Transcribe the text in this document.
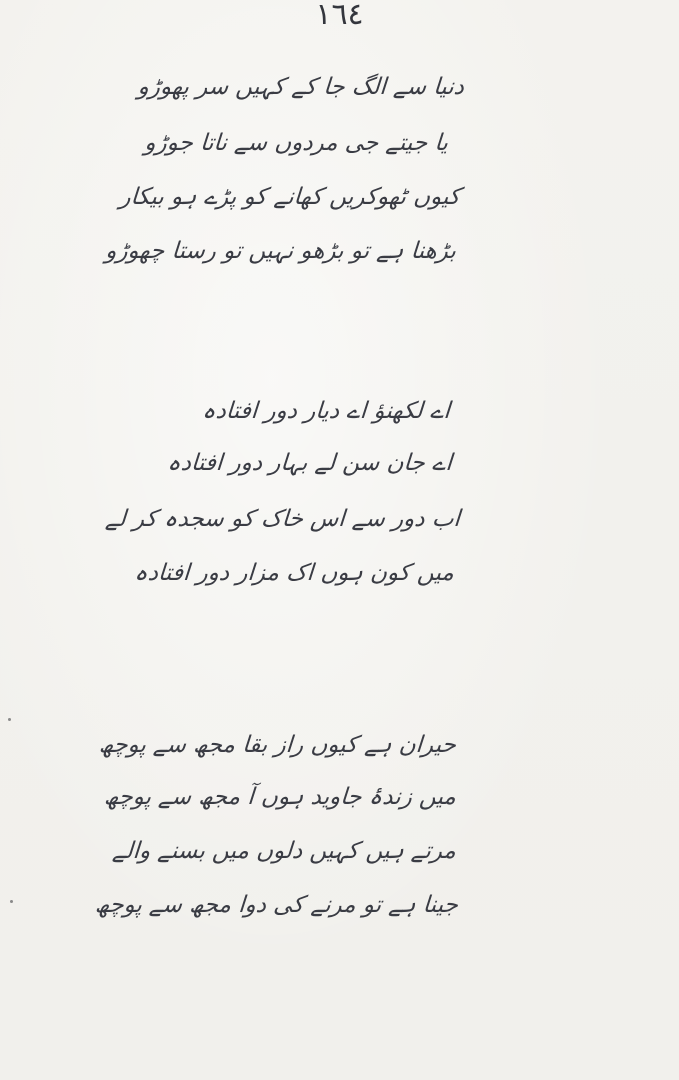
١٦٤
دنیا سے الگ جا کے کہیں سر پھوڑو
یا جیتے جی مردوں سے ناتا جوڑو
کیوں ٹھوکریں کھانے کو پڑے ہو بیکار
بڑھنا ہے تو بڑھو نہیں تو رستا چھوڑو
اے لکھنؤ اے دیار دور افتادہ
اے جان سن لے بہار دور افتادہ
اب دور سے اس خاک کو سجدہ کر لے
میں کون ہوں اک مزار دور افتادہ
حیران ہے کیوں راز بقا مجھ سے پوچھ
میں زندۂ جاوید ہوں آ مجھ سے پوچھ
مرتے ہیں کہیں دلوں میں بسنے والے
جینا ہے تو مرنے کی دوا مجھ سے پوچھ
